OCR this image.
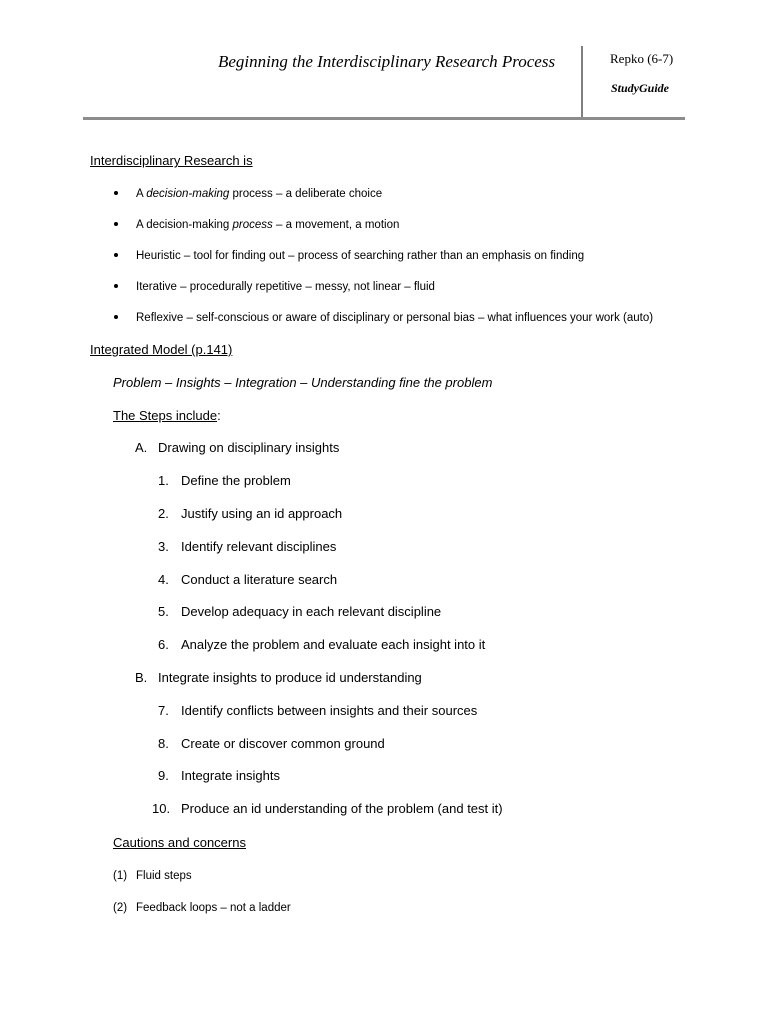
Beginning the Interdisciplinary Research Process	Repko (6-7)
StudyGuide
Interdisciplinary Research is
A decision-making process – a deliberate choice
A decision-making process – a movement, a motion
Heuristic – tool for finding out – process of searching rather than an emphasis on finding
Iterative – procedurally repetitive – messy, not linear – fluid
Reflexive – self-conscious or aware of disciplinary or personal bias – what influences your work (auto)
Integrated Model (p.141)
Problem – Insights – Integration – Understanding fine the problem
The Steps include:
A. Drawing on disciplinary insights
1. Define the problem
2. Justify using an id approach
3. Identify relevant disciplines
4. Conduct a literature search
5. Develop adequacy in each relevant discipline
6. Analyze the problem and evaluate each insight into it
B. Integrate insights to produce id understanding
7. Identify conflicts between insights and their sources
8. Create or discover common ground
9. Integrate insights
10. Produce an id understanding of the problem (and test it)
Cautions and concerns
(1) Fluid steps
(2) Feedback loops – not a ladder
